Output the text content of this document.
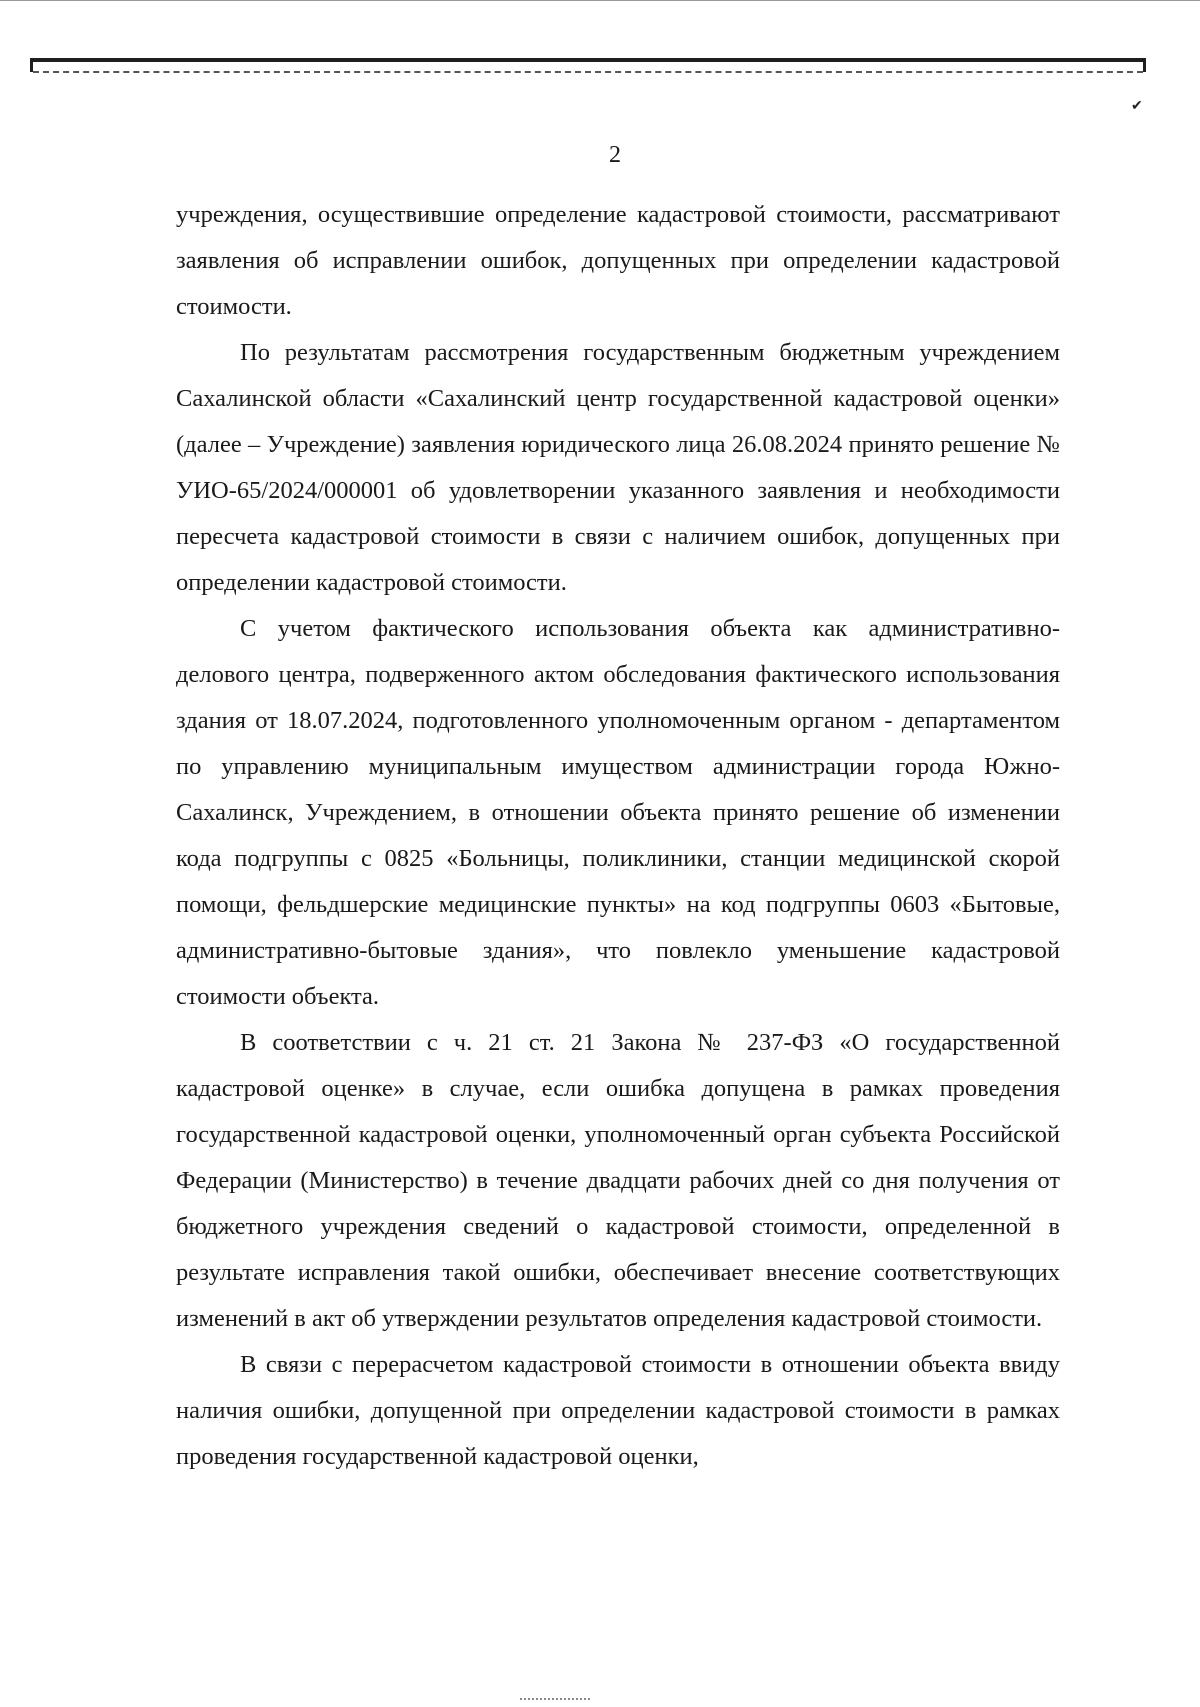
✔
2

учреждения, осуществившие определение кадастровой стоимости, рассматривают заявления об исправлении ошибок, допущенных при определении кадастровой стоимости.

По результатам рассмотрения государственным бюджетным учреждением Сахалинской области «Сахалинский центр государственной кадастровой оценки» (далее – Учреждение) заявления юридического лица 26.08.2024 принято решение № УИО-65/2024/000001 об удовлетворении указанного заявления и необходимости пересчета кадастровой стоимости в связи с наличием ошибок, допущенных при определении кадастровой стоимости.

С учетом фактического использования объекта как административно-делового центра, подверженного актом обследования фактического использования здания от 18.07.2024, подготовленного уполномоченным органом - департаментом по управлению муниципальным имуществом администрации города Южно-Сахалинск, Учреждением, в отношении объекта принято решение об изменении кода подгруппы с 0825 «Больницы, поликлиники, станции медицинской скорой помощи, фельдшерские медицинские пункты» на код подгруппы 0603 «Бытовые, административно-бытовые здания», что повлекло уменьшение кадастровой стоимости объекта.

В соответствии с ч. 21 ст. 21 Закона № 237-ФЗ «О государственной кадастровой оценке» в случае, если ошибка допущена в рамках проведения государственной кадастровой оценки, уполномоченный орган субъекта Российской Федерации (Министерство) в течение двадцати рабочих дней со дня получения от бюджетного учреждения сведений о кадастровой стоимости, определенной в результате исправления такой ошибки, обеспечивает внесение соответствующих изменений в акт об утверждении результатов определения кадастровой стоимости.

В связи с перерасчетом кадастровой стоимости в отношении объекта ввиду наличия ошибки, допущенной при определении кадастровой стоимости в рамках проведения государственной кадастровой оценки,
